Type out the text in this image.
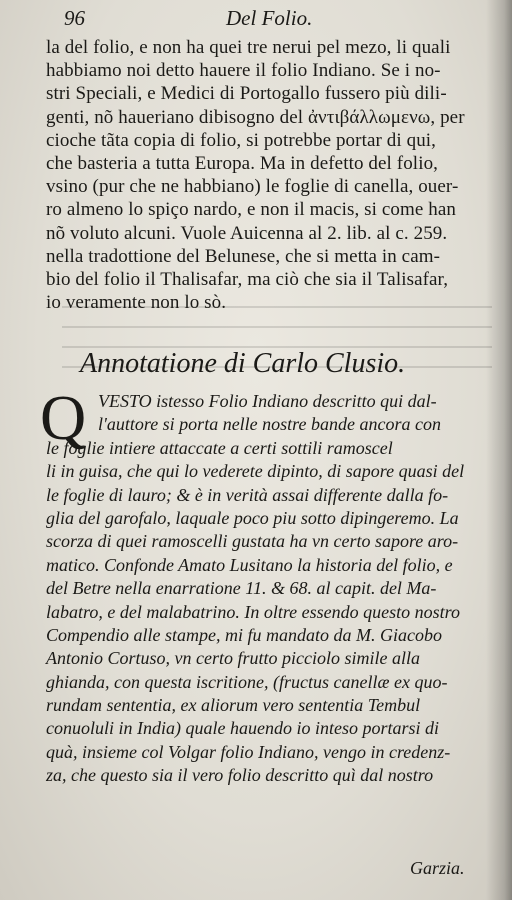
96	Del Folio.
la del folio, e non ha quei tre nerui pel mezo, li quali
habbiamo noi detto hauere il folio Indiano. Se i no-
stri Speciali, e Medici di Portogallo fussero più dili-
genti, nõ haueriano dibisogno del ἀντιβάλλωμενω, per
cioche tãta copia di folio, si potrebbe portar di qui,
che basteria a tutta Europa. Ma in defetto del folio,
vsino (pur che ne habbiano) le foglie di canella, ouer-
ro almeno lo spiço nardo, e non il macis, si come han
nõ voluto alcuni. Vuole Auicenna al 2. lib. al c. 259.
nella tradottione del Belunese, che si metta in cam-
bio del folio il Thalisafar, ma ciò che sia il Talisafar,
io veramente non lo sò.
Annotatione di Carlo Clusio.
Q VESTO istesso Folio Indiano descritto qui dal-
l'auttore si porta nelle nostre bande ancora con
le foglie intiere attaccate a certi sottili ramoscel
li in guisa, che qui lo vederete dipinto, di sapore quasi del
le foglie di lauro; & è in verità assai differente dalla fo-
glia del garofalo, laquale poco piu sotto dipingeremo. La
scorza di quei ramoscelli gustata ha vn certo sapore aro-
matico. Confonde Amato Lusitano la historia del folio, e
del Betre nella enarratione 11. & 68. al capit. del Ma-
labatro, e del malabatrino. In oltre essendo questo nostro
Compendio alle stampe, mi fu mandato da M. Giacobo
Antonio Cortuso, vn certo frutto picciolo simile alla
ghianda, con questa iscritione, (fructus canellæ ex quo-
rundam sententia, ex aliorum vero sententia Tembul
conuoluli in India) quale hauendo io inteso portarsi di
quà, insieme col Volgar folio Indiano, vengo in credenz-
za, che questo sia il vero folio descritto quì dal nostro
Garzia.
